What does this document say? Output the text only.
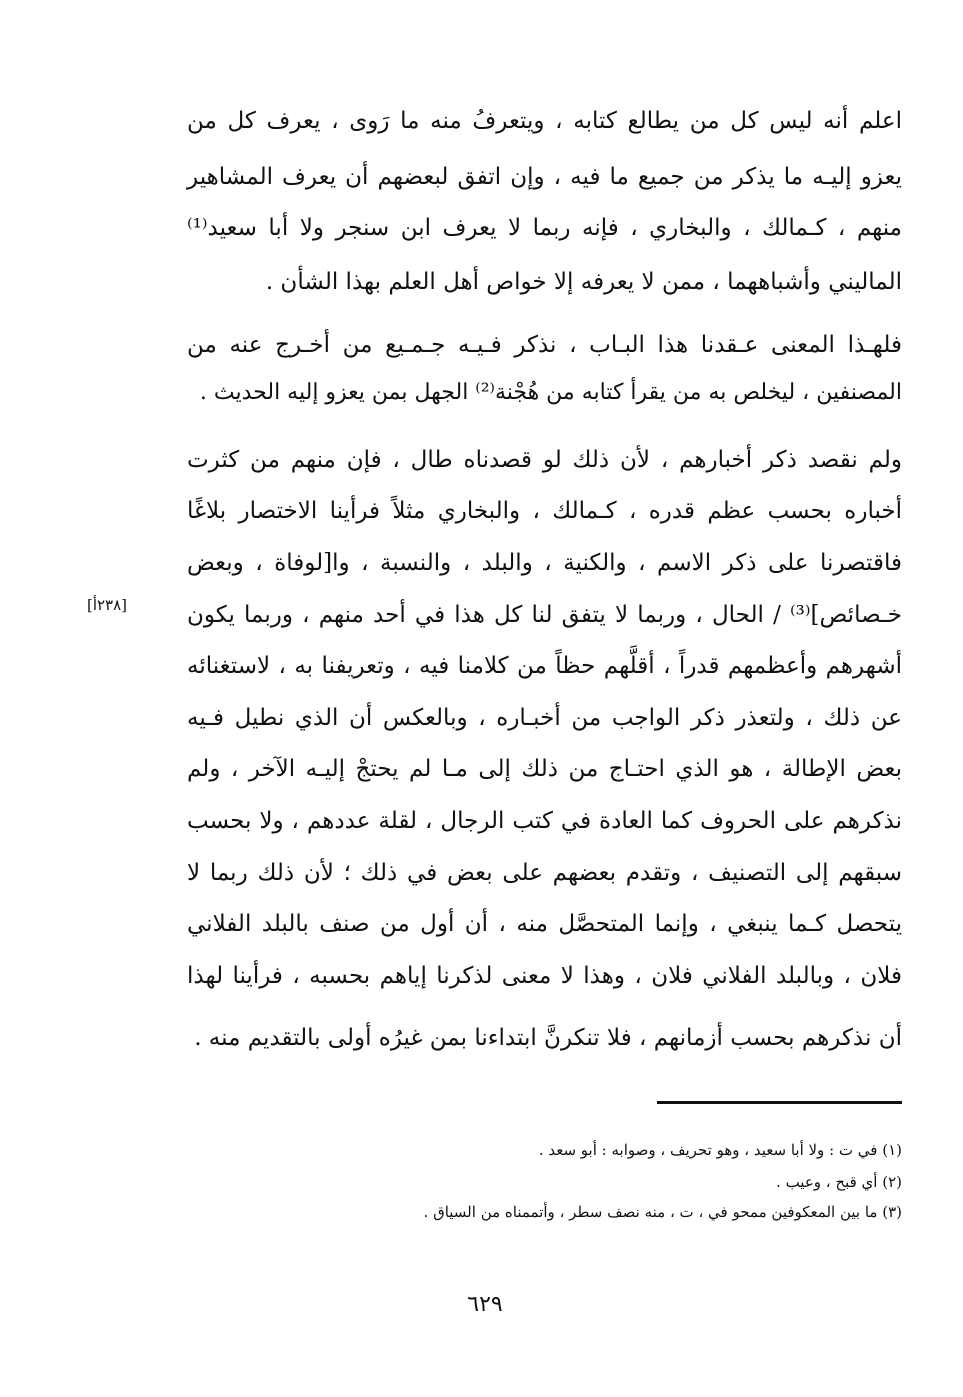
اعلم أنه ليس كل من يطالع كتابه ، ويتعرفُ منه ما رَوى ، يعرف كل من
يعزو إليـه ما يذكر من جميع ما فيه ، وإن اتفق لبعضهم أن يعرف المشاهير
منهم ، كـمالك ، والبخاري ، فإنه ربما لا يعرف ابن سنجر ولا أبا سعيد⁽¹⁾
الماليني وأشباههما ، ممن لا يعرفه إلا خواص أهل العلم بهذا الشأن .
فلهـذا المعنى عـقدنا هذا البـاب ، نذكر فـيـه جـمـيع من أخـرج عنه من
المصنفين ، ليخلص به من يقرأ كتابه من هُجْنة⁽²⁾ الجهل بمن يعزو إليه الحديث .
ولم نقصد ذكر أخبارهم ، لأن ذلك لو قصدناه طال ، فإن منهم من كثرت
أخباره بحسب عظم قدره ، كـمالك ، والبخاري مثلاً فرأينا الاختصار بلاغًا
فاقتصرنا على ذكر الاسم ، والكنية ، والبلد ، والنسبة ، وا[لوفاة ، وبعض
خـصائص]⁽³⁾ / الحال ، وربما لا يتفق لنا كل هذا في أحد منهم ، وربما يكون
أشهرهم وأعظمهم قدراً ، أقلَّهم حظاً من كلامنا فيه ، وتعريفنا به ، لاستغنائه
عن ذلك ، ولتعذر ذكر الواجب من أخبـاره ، وبالعكس أن الذي نطيل فـيه
بعض الإطالة ، هو الذي احتـاج من ذلك إلى مـا لم يحتجْ إليـه الآخر ، ولم
نذكرهم على الحروف كما العادة في كتب الرجال ، لقلة عددهم ، ولا بحسب
سبقهم إلى التصنيف ، وتقدم بعضهم على بعض في ذلك ؛ لأن ذلك ربما لا
يتحصل كـما ينبغي ، وإنما المتحصَّل منه ، أن أول من صنف بالبلد الفلاني
فلان ، وبالبلد الفلاني فلان ، وهذا لا معنى لذكرنا إياهم بحسبه ، فرأينا لهذا
أن نذكرهم بحسب أزمانهم ، فلا تنكرنَّ ابتداءنا بمن غيرُه أولى بالتقديم منه .
[٢٣٨أ]
(١) في ت : ولا أبا سعيد ، وهو تحريف ، وصوابه : أبو سعد .
(٢) أي قبح ، وعيب .
(٣) ما بين المعكوفين ممحو في ، ت ، منه نصف سطر ، وأتممناه من السياق .
٦٢٩
